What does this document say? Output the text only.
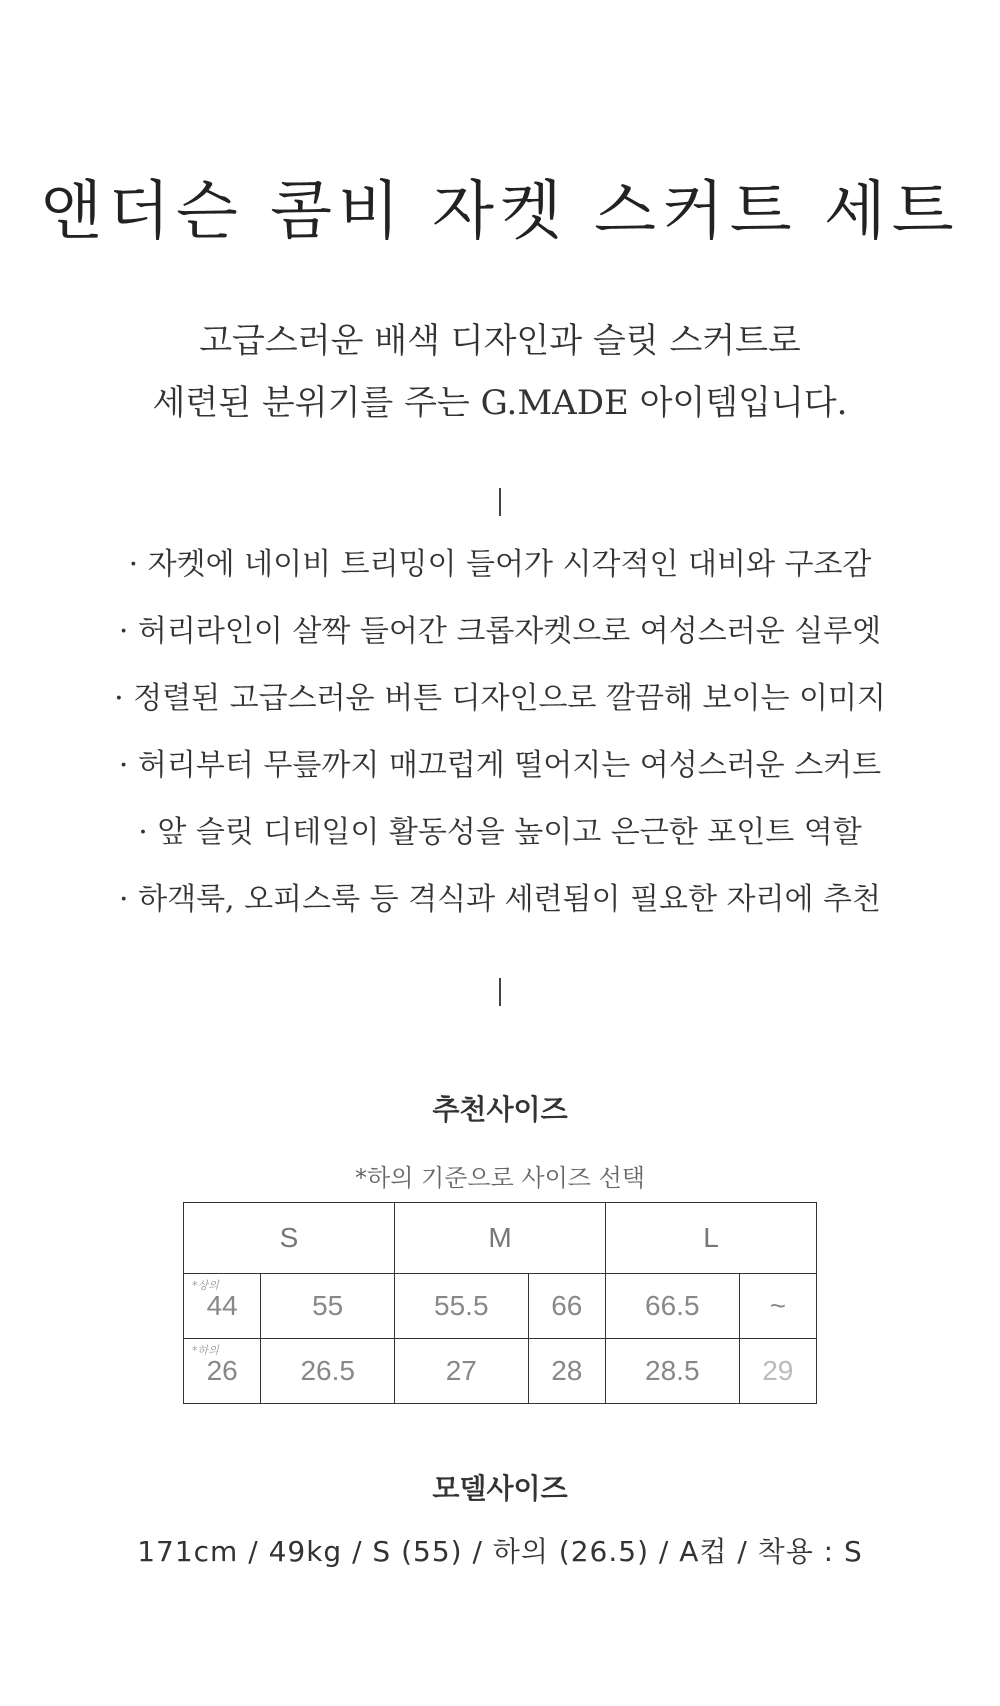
앤더슨 콤비 자켓 스커트 세트
고급스러운 배색 디자인과 슬릿 스커트로
세련된 분위기를 주는 G.MADE 아이템입니다.
· 자켓에 네이비 트리밍이 들어가 시각적인 대비와 구조감
· 허리라인이 살짝 들어간 크롭자켓으로 여성스러운 실루엣
· 정렬된 고급스러운 버튼 디자인으로 깔끔해 보이는 이미지
· 허리부터 무릎까지 매끄럽게 떨어지는 여성스러운 스커트
· 앞 슬릿 디테일이 활동성을 높이고 은근한 포인트 역할
· 하객룩, 오피스룩 등 격식과 세련됨이 필요한 자리에 추천
추천사이즈
*하의 기준으로 사이즈 선택
S		M		L	

*상의
44	55	55.5	66	66.5	~

*하의
26	26.5	27	28	28.5	29
모델사이즈
171cm / 49kg / S (55) / 하의 (26.5) / A컵 / 착용 : S
